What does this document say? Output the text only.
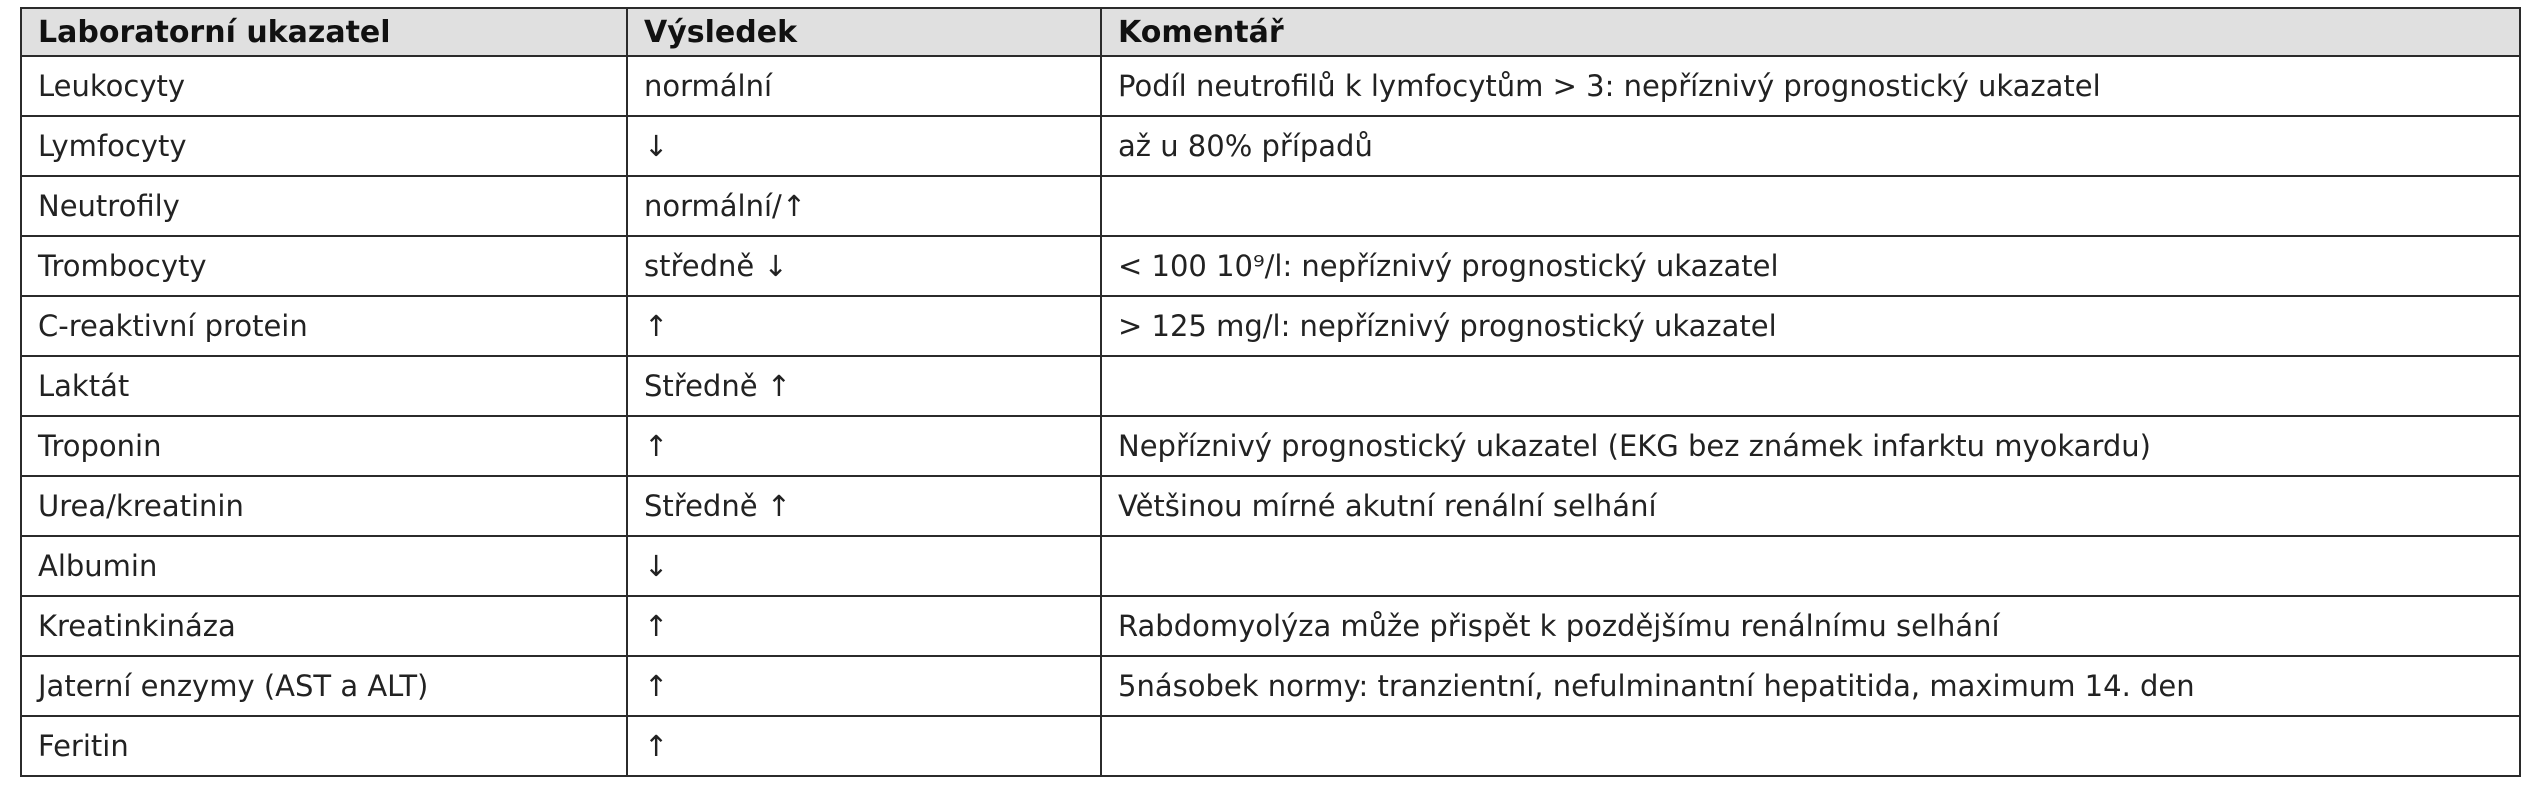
Laboratorní ukazatel	Výsledek	Komentář
Leukocyty	normální	Podíl neutrofilů k lymfocytům > 3: nepříznivý prognostický ukazatel
Lymfocyty	↓	až u 80% případů
Neutrofily	normální/↑	
Trombocyty	středně ↓	< 100 10⁹/l: nepříznivý prognostický ukazatel
C-reaktivní protein	↑	> 125 mg/l: nepříznivý prognostický ukazatel
Laktát	Středně ↑	
Troponin	↑	Nepříznivý prognostický ukazatel (EKG bez známek infarktu myokardu)
Urea/kreatinin	Středně ↑	Většinou mírné akutní renální selhání
Albumin	↓	
Kreatinkináza	↑	Rabdomyolýza může přispět k pozdějšímu renálnímu selhání
Jaterní enzymy (AST a ALT)	↑	5násobek normy: tranzientní, nefulminantní hepatitida, maximum 14. den
Feritin	↑	
